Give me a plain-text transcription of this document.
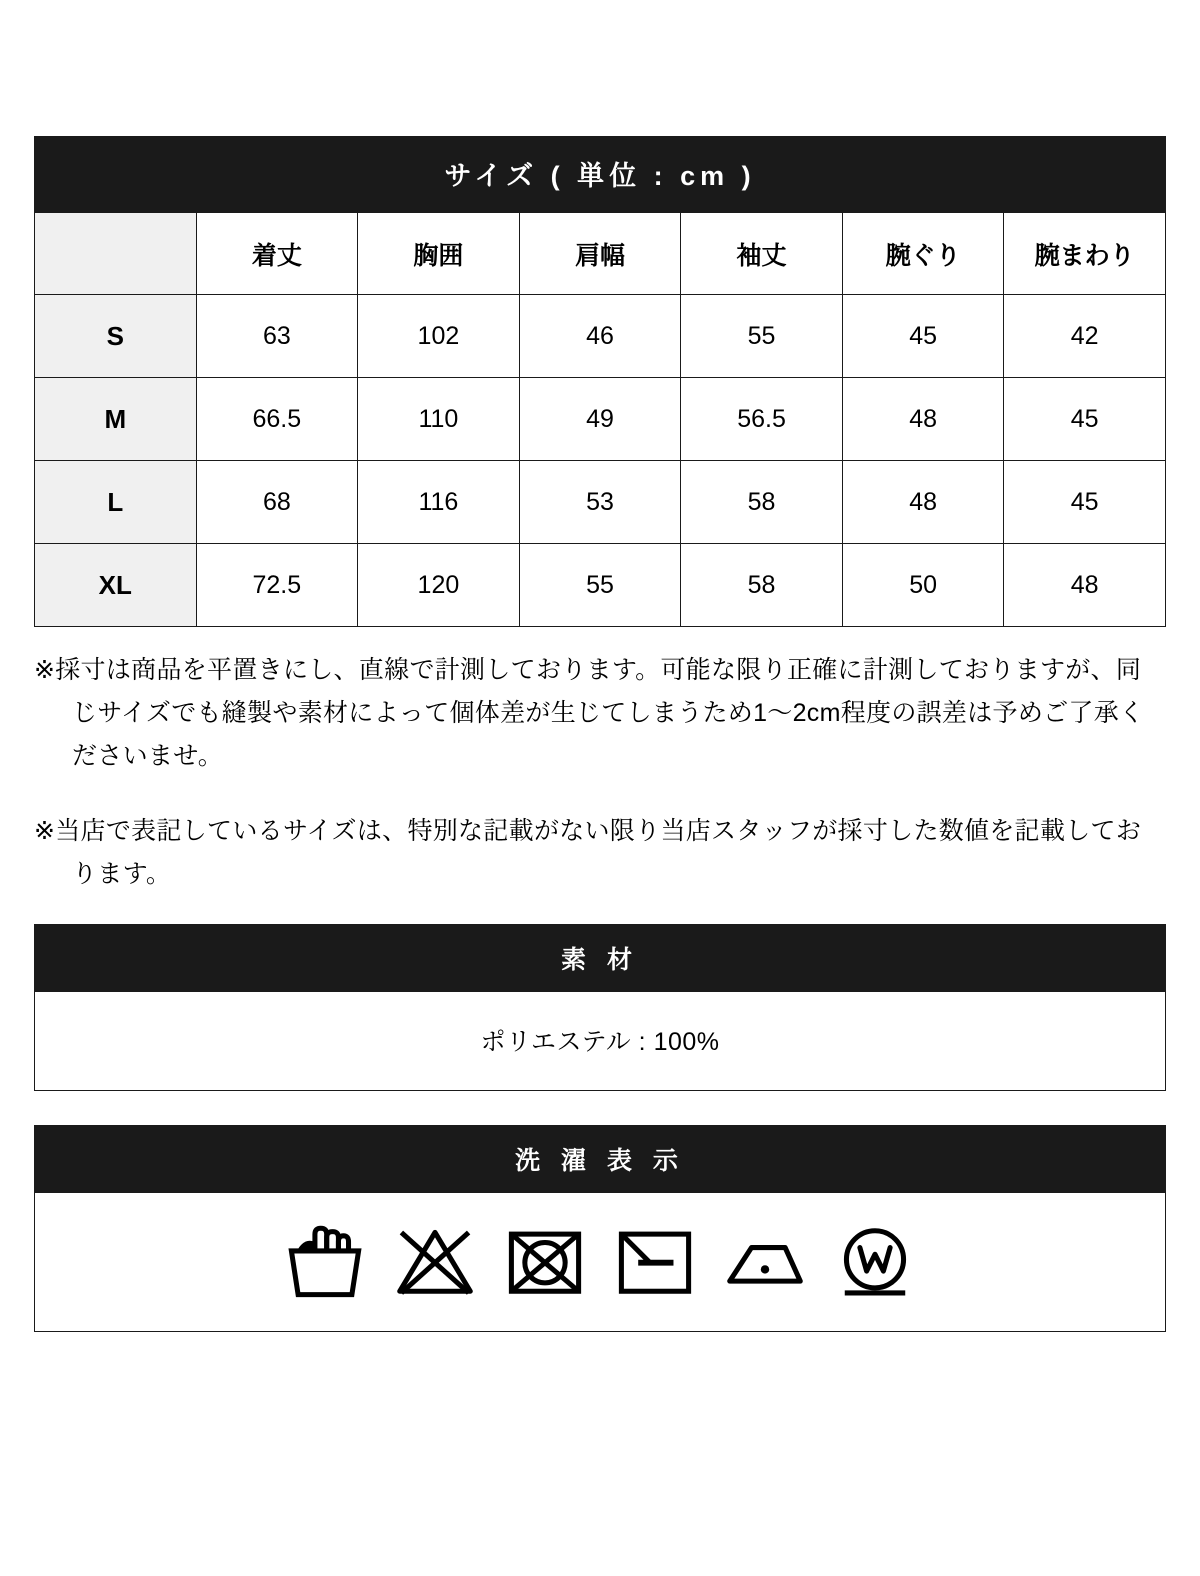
サイズ ( 単位 : cm )
	着丈	胸囲	肩幅	袖丈	腕ぐり	腕まわり
S	63	102	46	55	45	42
M	66.5	110	49	56.5	48	45
L	68	116	53	58	48	45
XL	72.5	120	55	58	50	48

※採寸は商品を平置きにし、直線で計測しております。可能な限り正確に計測しておりますが、同じサイズでも縫製や素材によって個体差が生じてしまうため1〜2cm程度の誤差は予めご了承くださいませ。

※当店で表記しているサイズは、特別な記載がない限り当店スタッフが採寸した数値を記載しております。

素 材
ポリエステル : 100%
洗 濯 表 示
